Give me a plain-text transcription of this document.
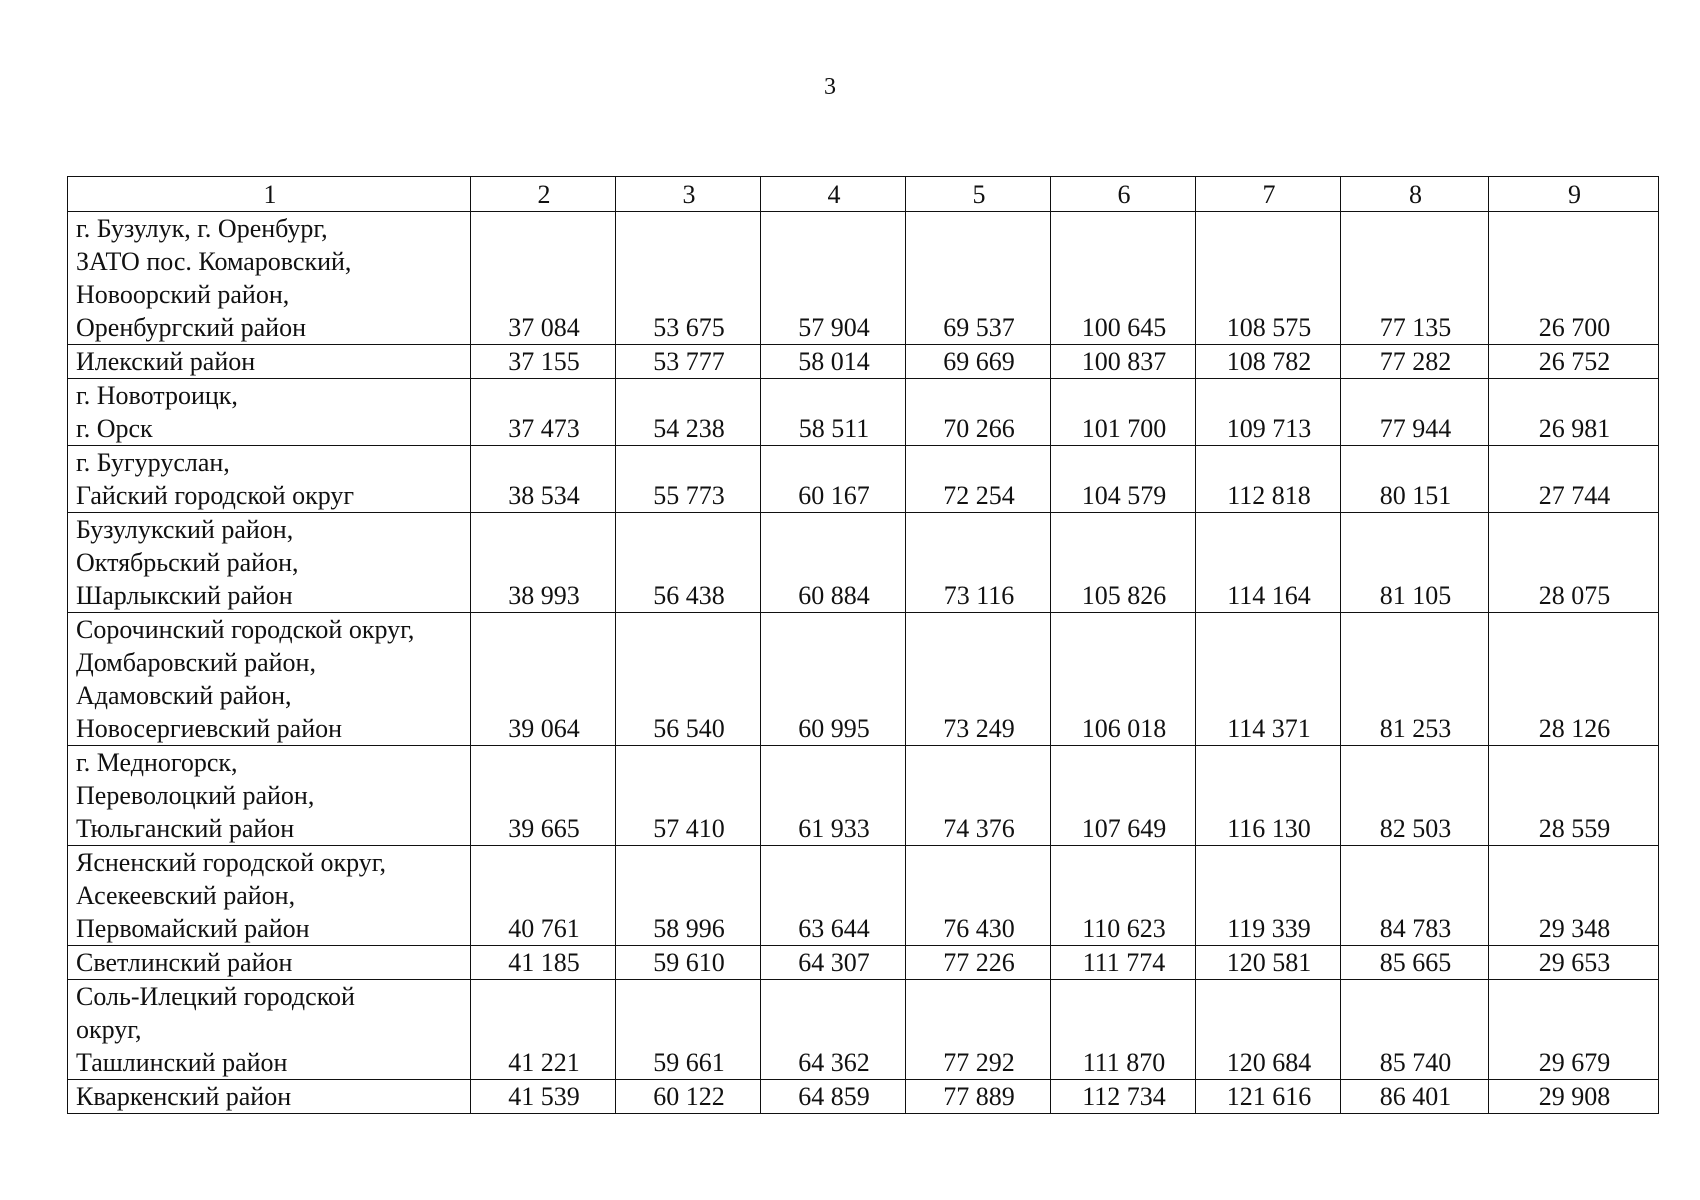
3
1	2	3	4	5	6	7	8	9
г. Бузулук, г. Оренбург,
ЗАТО пос. Комаровский,
Новоорский район,
Оренбургский район	37 084	53 675	57 904	69 537	100 645	108 575	77 135	26 700
Илекский район	37 155	53 777	58 014	69 669	100 837	108 782	77 282	26 752
г. Новотроицк,
г. Орск	37 473	54 238	58 511	70 266	101 700	109 713	77 944	26 981
г. Бугуруслан,
Гайский городской округ	38 534	55 773	60 167	72 254	104 579	112 818	80 151	27 744
Бузулукский район,
Октябрьский район,
Шарлыкский район	38 993	56 438	60 884	73 116	105 826	114 164	81 105	28 075
Сорочинский городской округ,
Домбаровский район,
Адамовский район,
Новосергиевский район	39 064	56 540	60 995	73 249	106 018	114 371	81 253	28 126
г. Медногорск,
Переволоцкий район,
Тюльганский район	39 665	57 410	61 933	74 376	107 649	116 130	82 503	28 559
Ясненский городской округ,
Асекеевский район,
Первомайский район	40 761	58 996	63 644	76 430	110 623	119 339	84 783	29 348
Светлинский район	41 185	59 610	64 307	77 226	111 774	120 581	85 665	29 653
Соль-Илецкий городской
округ,
Ташлинский район	41 221	59 661	64 362	77 292	111 870	120 684	85 740	29 679
Кваркенский район	41 539	60 122	64 859	77 889	112 734	121 616	86 401	29 908
